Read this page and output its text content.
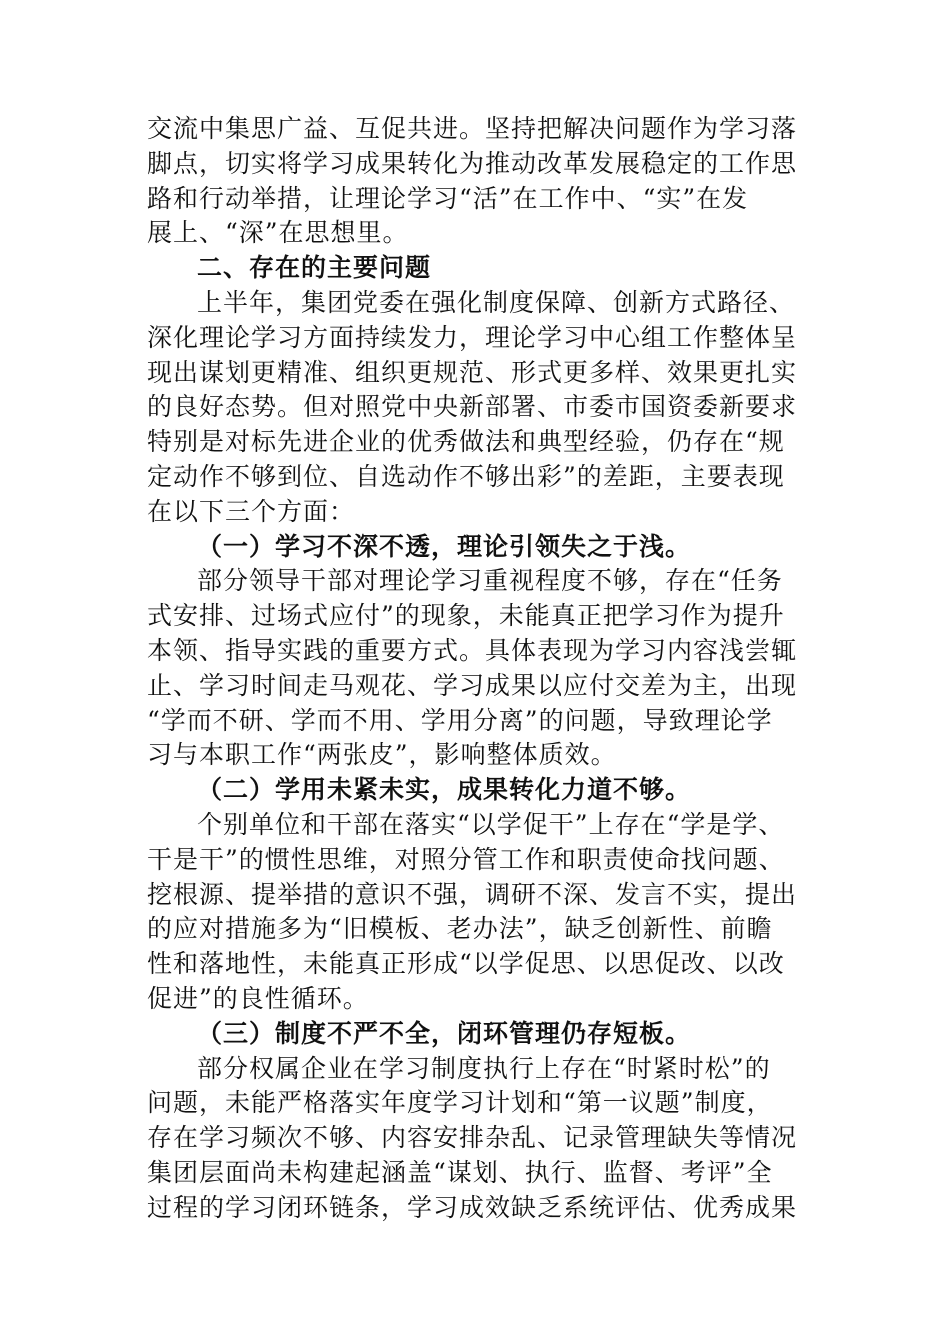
交流中集思广益、互促共进。坚持把解决问题作为学习落
脚点，切实将学习成果转化为推动改革发展稳定的工作思
路和行动举措，让理论学习“活”在工作中、“实”在发
展上、“深”在思想里。
二、存在的主要问题
上半年，集团党委在强化制度保障、创新方式路径、
深化理论学习方面持续发力，理论学习中心组工作整体呈
现出谋划更精准、组织更规范、形式更多样、效果更扎实
的良好态势。但对照党中央新部署、市委市国资委新要求
特别是对标先进企业的优秀做法和典型经验，仍存在“规
定动作不够到位、自选动作不够出彩”的差距，主要表现
在以下三个方面：
（一）学习不深不透，理论引领失之于浅。
部分领导干部对理论学习重视程度不够，存在“任务
式安排、过场式应付”的现象，未能真正把学习作为提升
本领、指导实践的重要方式。具体表现为学习内容浅尝辄
止、学习时间走马观花、学习成果以应付交差为主，出现
“学而不研、学而不用、学用分离”的问题，导致理论学
习与本职工作“两张皮”，影响整体质效。
（二）学用未紧未实，成果转化力道不够。
个别单位和干部在落实“以学促干”上存在“学是学、
干是干”的惯性思维，对照分管工作和职责使命找问题、
挖根源、提举措的意识不强，调研不深、发言不实，提出
的应对措施多为“旧模板、老办法”，缺乏创新性、前瞻
性和落地性，未能真正形成“以学促思、以思促改、以改
促进”的良性循环。
（三）制度不严不全，闭环管理仍存短板。
部分权属企业在学习制度执行上存在“时紧时松”的
问题，未能严格落实年度学习计划和“第一议题”制度，
存在学习频次不够、内容安排杂乱、记录管理缺失等情况
集团层面尚未构建起涵盖“谋划、执行、监督、考评”全
过程的学习闭环链条，学习成效缺乏系统评估、优秀成果
